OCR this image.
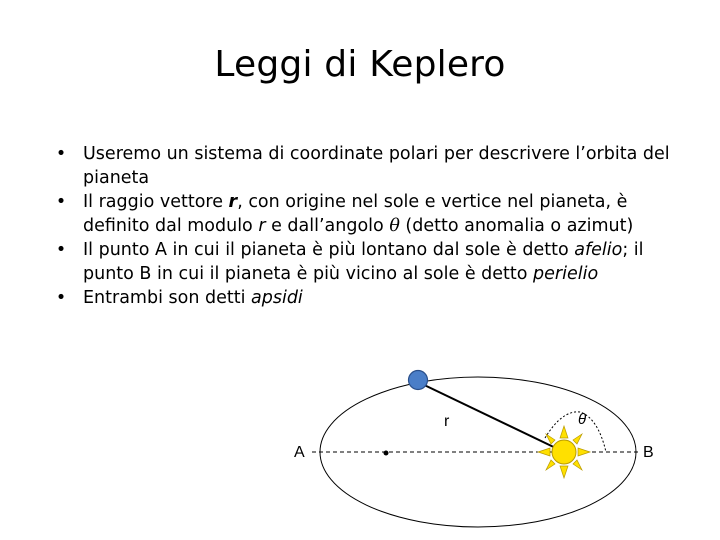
Leggi di Keplero
• Useremo un sistema di coordinate polari per descrivere l’orbita del pianeta
• Il raggio vettore r, con origine nel sole e vertice nel pianeta, è definito dal modulo r e dall’angolo θ (detto anomalia o azimut)
• Il punto A in cui il pianeta è più lontano dal sole è detto afelio; il punto B in cui il pianeta è più vicino al sole è detto perielio
• Entrambi son detti apsidi
r	θ
A	B
